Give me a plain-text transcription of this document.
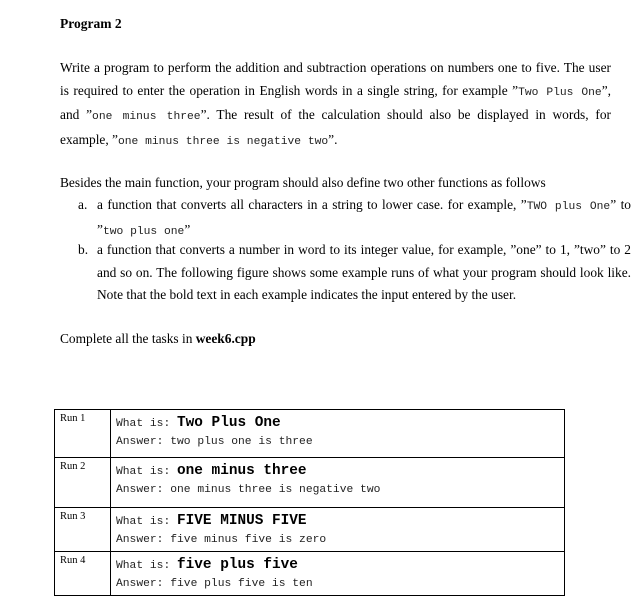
Program 2
Write a program to perform the addition and subtraction operations on numbers one to five. The user is required to enter the operation in English words in a single string, for example ”Two Plus One”, and ”one minus three”. The result of the calculation should also be displayed in words, for example, ”one minus three is negative two”.
Besides the main function, your program should also define two other functions as follows
a. a function that converts all characters in a string to lower case. for example, ”TWO plus One” to ”two plus one”
b. a function that converts a number in word to its integer value, for example, ”one” to 1, ”two” to 2 and so on. The following figure shows some example runs of what your program should look like. Note that the bold text in each example indicates the input entered by the user.
Complete all the tasks in week6.cpp
Run 1	What is: Two Plus One
Answer: two plus one is three

Run 2	What is: one minus three
Answer: one minus three is negative two

Run 3	What is: FIVE MINUS FIVE
Answer: five minus five is zero

Run 4	What is: five plus five
Answer: five plus five is ten
